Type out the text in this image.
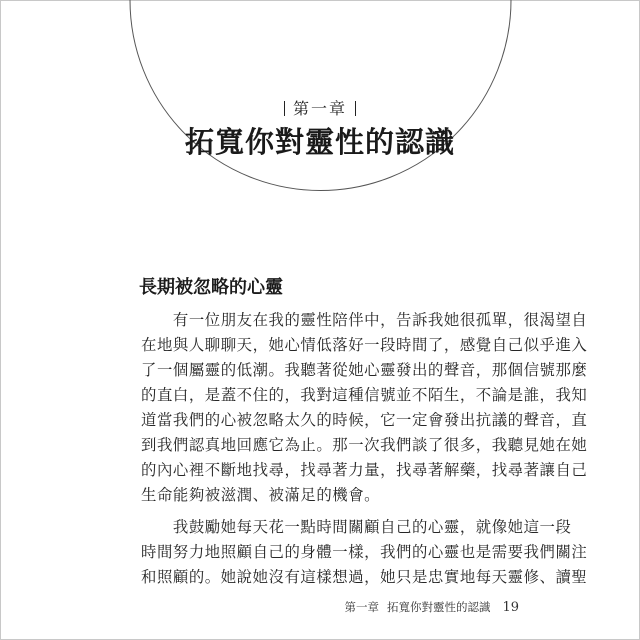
第一章
拓寬你對靈性的認識
長期被忽略的心靈
　　有一位朋友在我的靈性陪伴中，告訴我她很孤單，很渴望自
在地與人聊聊天，她心情低落好一段時間了，感覺自己似乎進入
了一個屬靈的低潮。我聽著從她心靈發出的聲音，那個信號那麼
的直白，是蓋不住的，我對這種信號並不陌生，不論是誰，我知
道當我們的心被忽略太久的時候，它一定會發出抗議的聲音，直
到我們認真地回應它為止。那一次我們談了很多，我聽見她在她
的內心裡不斷地找尋，找尋著力量，找尋著解藥，找尋著讓自己
生命能夠被滋潤、被滿足的機會。
　　我鼓勵她每天花一點時間關顧自己的心靈，就像她這一段
時間努力地照顧自己的身體一樣，我們的心靈也是需要我們關注
和照顧的。她說她沒有這樣想過，她只是忠實地每天靈修、讀聖
第一章 拓寬你對靈性的認識 19
